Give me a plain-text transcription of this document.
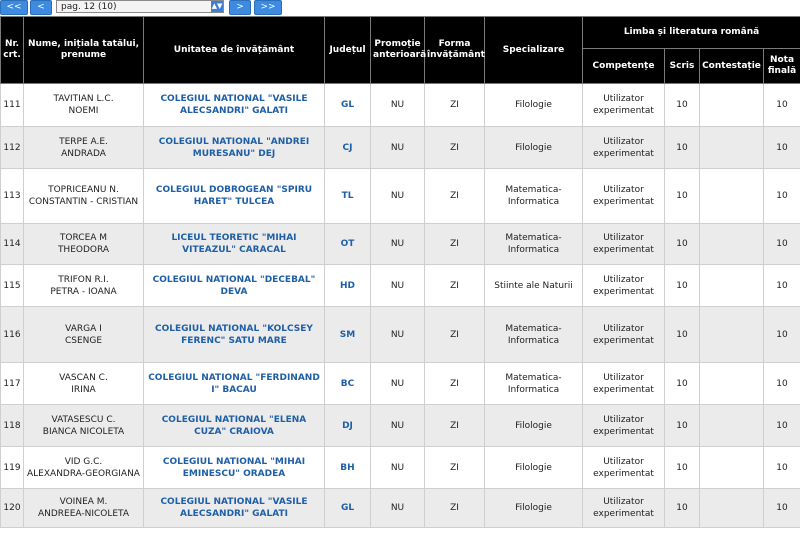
<<	<	pag. 12 (10)	▲▼	>	>>
Nr. crt.	Nume, inițiala tatălui, prenume	Unitatea de învățământ	Județul	Promoție anterioară	Forma învățământ	Specializare	Limba și literatura română			
							Competențe	Scris	Contestație	Nota finală
111	TAVITIAN L.C.
NOEMI	COLEGIUL NATIONAL "VASILE
ALECSANDRI" GALATI	GL	NU	ZI	Filologie	Utilizator
experimentat	10		10
112	TERPE A.E.
ANDRADA	COLEGIUL NATIONAL "ANDREI
MURESANU" DEJ	CJ	NU	ZI	Filologie	Utilizator
experimentat	10		10
113	TOPRICEANU N.
CONSTANTIN - CRISTIAN	COLEGIUL DOBROGEAN "SPIRU
HARET" TULCEA	TL	NU	ZI	Matematica-
Informatica	Utilizator
experimentat	10		10
114	TORCEA M
THEODORA	LICEUL TEORETIC "MIHAI
VITEAZUL" CARACAL	OT	NU	ZI	Matematica-
Informatica	Utilizator
experimentat	10		10
115	TRIFON R.I.
PETRA - IOANA	COLEGIUL NATIONAL "DECEBAL"
DEVA	HD	NU	ZI	Stiinte ale Naturii	Utilizator
experimentat	10		10
116	VARGA I
CSENGE	COLEGIUL NATIONAL "KOLCSEY
FERENC" SATU MARE	SM	NU	ZI	Matematica-
Informatica	Utilizator
experimentat	10		10
117	VASCAN C.
IRINA	COLEGIUL NATIONAL "FERDINAND
I" BACAU	BC	NU	ZI	Matematica-
Informatica	Utilizator
experimentat	10		10
118	VATASESCU C.
BIANCA NICOLETA	COLEGIUL NATIONAL "ELENA
CUZA" CRAIOVA	DJ	NU	ZI	Filologie	Utilizator
experimentat	10		10
119	VID G.C.
ALEXANDRA-GEORGIANA	COLEGIUL NATIONAL "MIHAI
EMINESCU" ORADEA	BH	NU	ZI	Filologie	Utilizator
experimentat	10		10
120	VOINEA M.
ANDREEA-NICOLETA	COLEGIUL NATIONAL "VASILE
ALECSANDRI" GALATI	GL	NU	ZI	Filologie	Utilizator
experimentat	10		10
